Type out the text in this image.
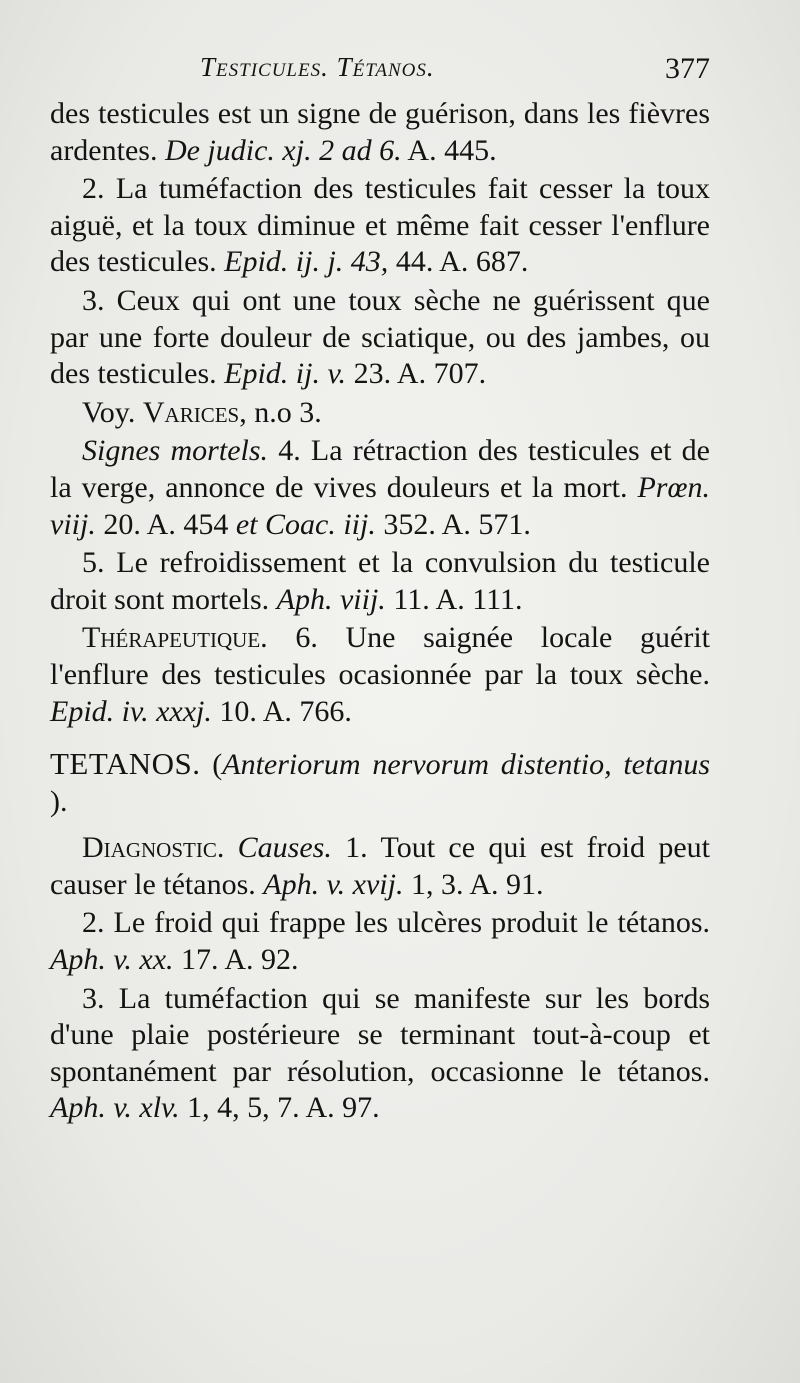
Testicules. Tétanos.	377

des testicules est un signe de guérison, dans les fièvres ardentes. De judic. xj. 2 ad 6. A. 445.

2. La tuméfaction des testicules fait cesser la toux aiguë, et la toux diminue et même fait cesser l'enflure des testicules. Epid. ij. j. 43, 44. A. 687.

3. Ceux qui ont une toux sèche ne guérissent que par une forte douleur de sciatique, ou des jambes, ou des testicules. Epid. ij. v. 23. A. 707.

Voy. Varices, n.o 3.

Signes mortels. 4. La rétraction des testicules et de la verge, annonce de vives douleurs et la mort. Prœn. viij. 20. A. 454 et Coac. iij. 352. A. 571.

5. Le refroidissement et la convulsion du testicule droit sont mortels. Aph. viij. 11. A. 111.

Thérapeutique. 6. Une saignée locale guérit l'enflure des testicules ocasionnée par la toux sèche. Epid. iv. xxxj. 10. A. 766.

TETANOS. (Anteriorum nervorum distentio, tetanus ).

Diagnostic. Causes. 1. Tout ce qui est froid peut causer le tétanos. Aph. v. xvij. 1, 3. A. 91.

2. Le froid qui frappe les ulcères produit le tétanos. Aph. v. xx. 17. A. 92.

3. La tuméfaction qui se manifeste sur les bords d'une plaie postérieure se terminant tout-à-coup et spontanément par résolution, occasionne le tétanos. Aph. v. xlv. 1, 4, 5, 7. A. 97.
